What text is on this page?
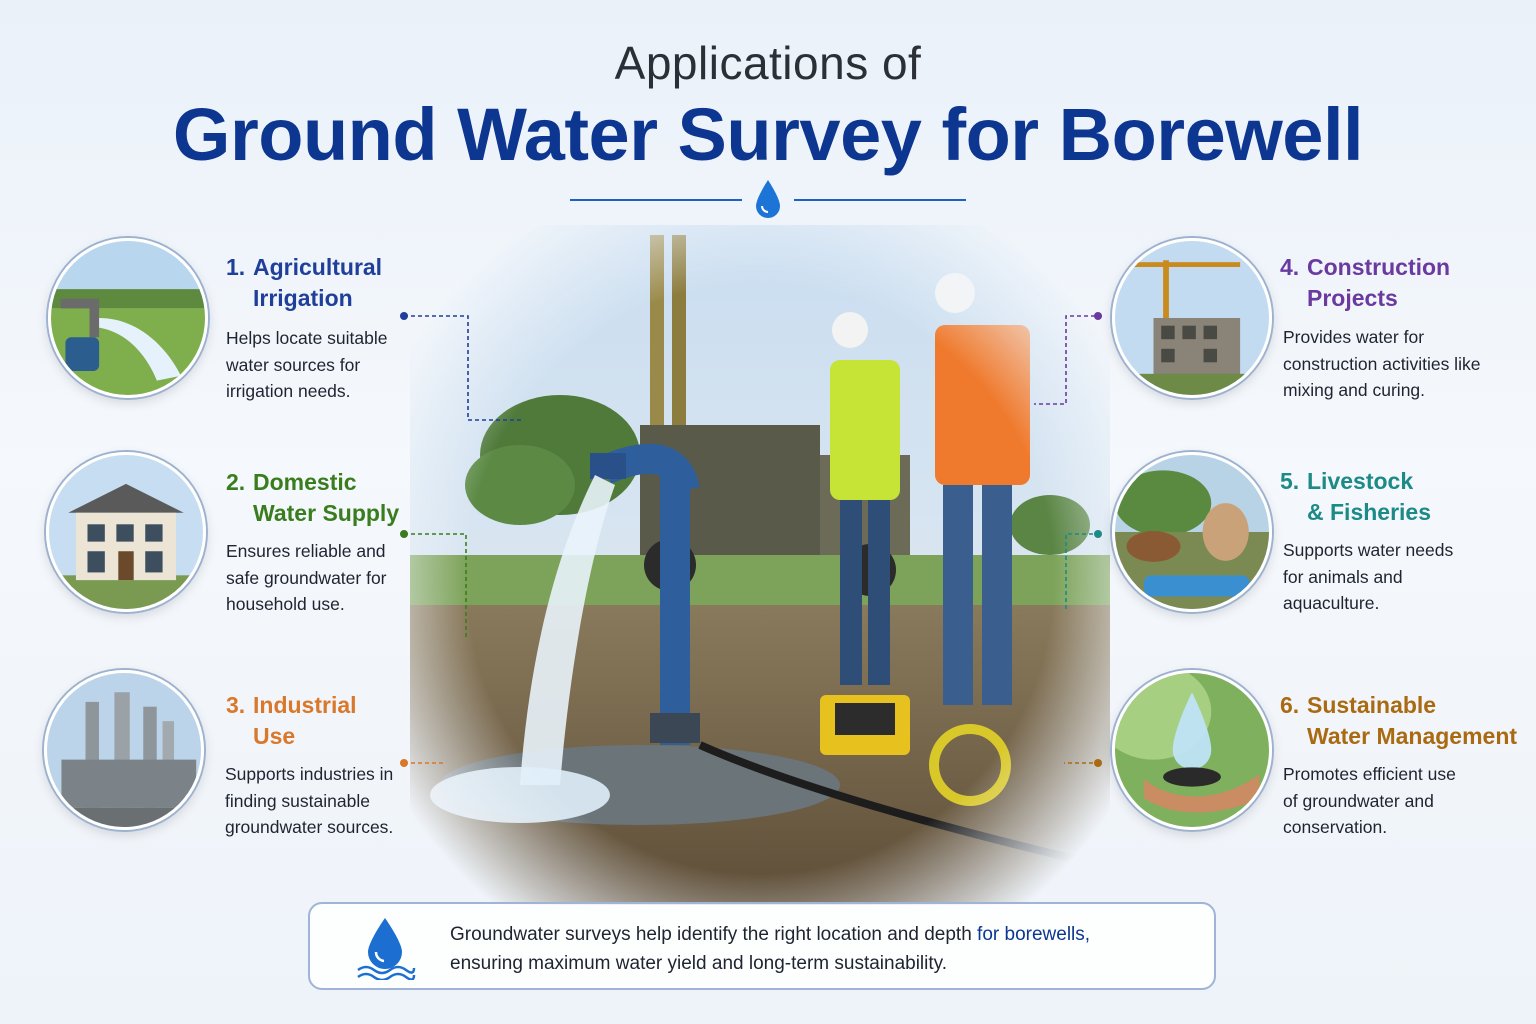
Applications of
Ground Water Survey for Borewell
1. Agricultural
Irrigation
Helps locate suitable water sources for irrigation needs.
2. Domestic
Water Supply
Ensures reliable and safe groundwater for household use.
3. Industrial
Use
Supports industries in finding sustainable groundwater sources.
4. Construction
Projects
Provides water for construction activities like mixing and curing.
5. Livestock
& Fisheries
Supports water needs for animals and aquaculture.
6. Sustainable
Water Management
Promotes efficient use of groundwater and conservation.
Groundwater surveys help identify the right location and depth for borewells,
ensuring maximum water yield and long-term sustainability.
